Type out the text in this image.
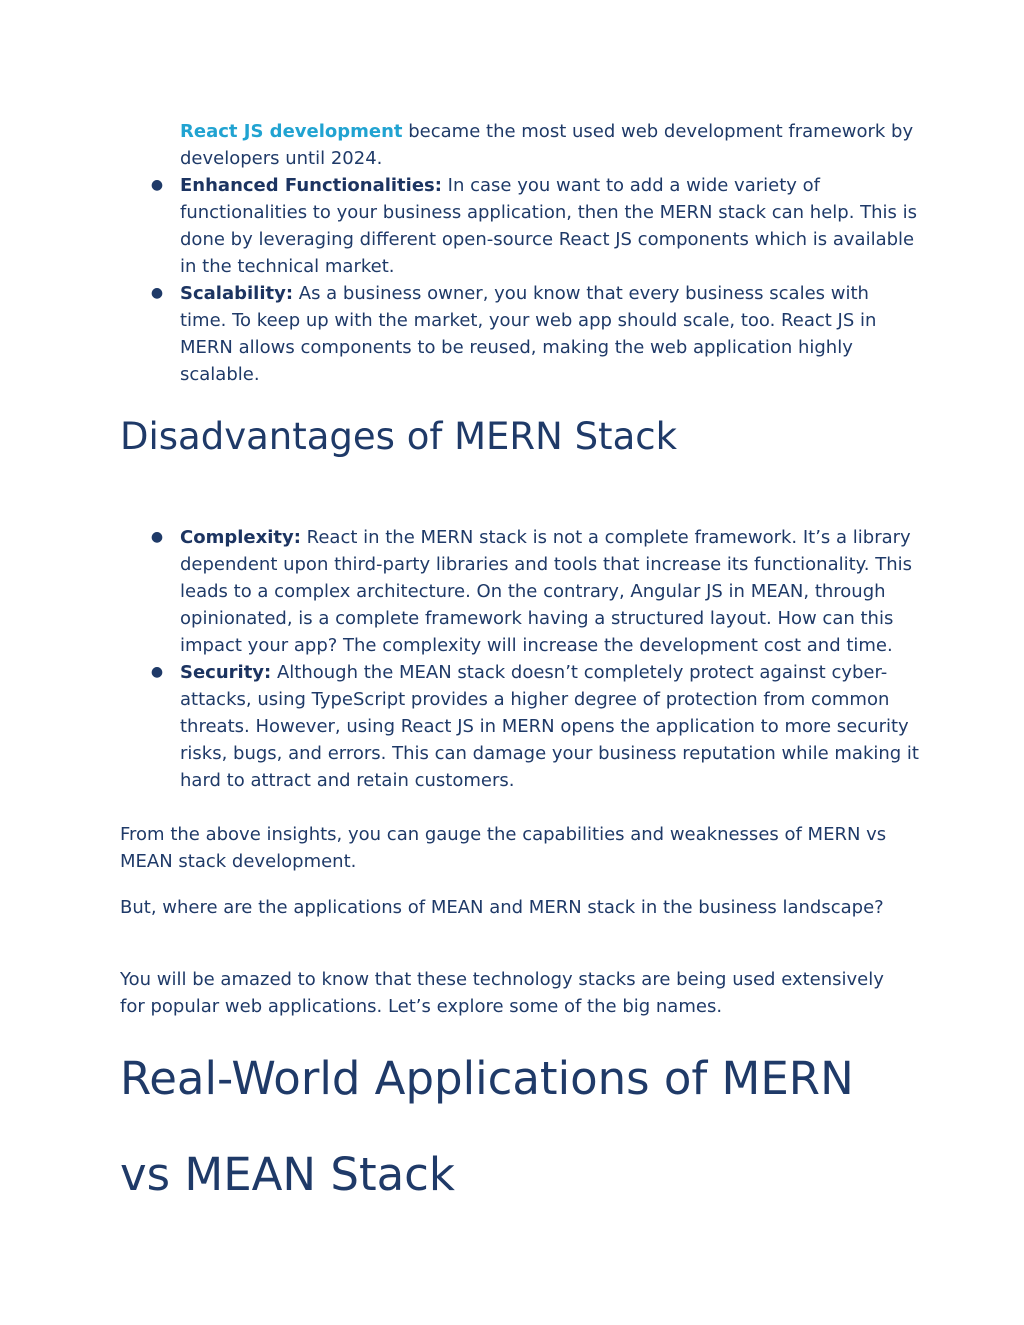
React JS development became the most used web development framework by developers until 2024.

● Enhanced Functionalities: In case you want to add a wide variety of functionalities to your business application, then the MERN stack can help. This is done by leveraging different open-source React JS components which is available in the technical market.
● Scalability: As a business owner, you know that every business scales with time. To keep up with the market, your web app should scale, too. React JS in MERN allows components to be reused, making the web application highly scalable.
Disadvantages of MERN Stack
● Complexity: React in the MERN stack is not a complete framework. It’s a library dependent upon third-party libraries and tools that increase its functionality. This leads to a complex architecture. On the contrary, Angular JS in MEAN, through opinionated, is a complete framework having a structured layout. How can this impact your app? The complexity will increase the development cost and time.
● Security: Although the MEAN stack doesn’t completely protect against cyber-attacks, using TypeScript provides a higher degree of protection from common threats. However, using React JS in MERN opens the application to more security risks, bugs, and errors. This can damage your business reputation while making it hard to attract and retain customers.

From the above insights, you can gauge the capabilities and weaknesses of MERN vs MEAN stack development.

But, where are the applications of MEAN and MERN stack in the business landscape?

You will be amazed to know that these technology stacks are being used extensively for popular web applications. Let’s explore some of the big names.

Real-World Applications of MERN
vs MEAN Stack
